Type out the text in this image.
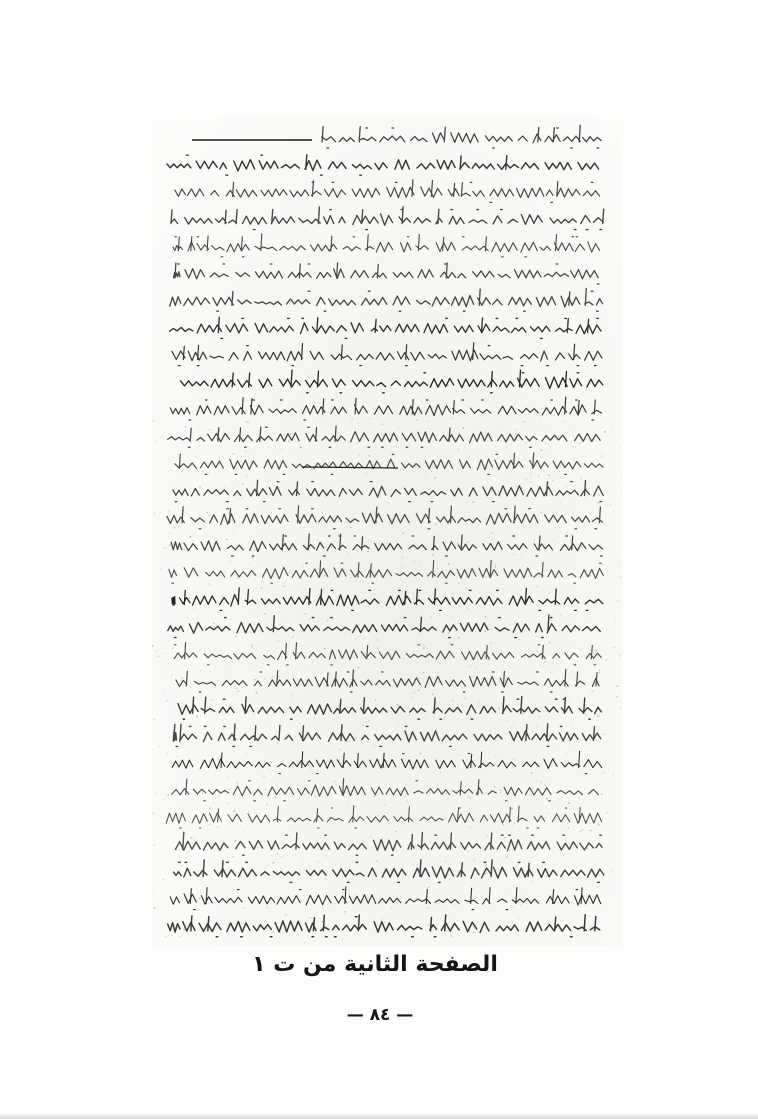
الصفحة الثانية من ت ١
— ٨٤ —
